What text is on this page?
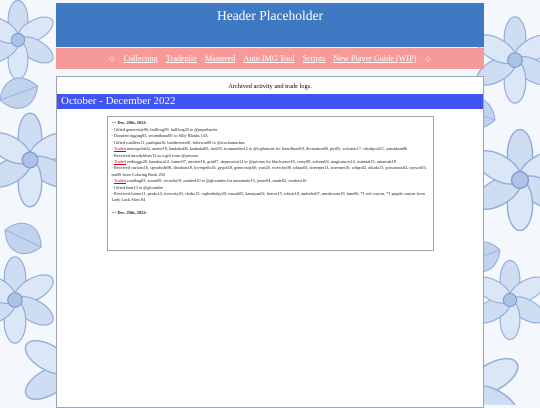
Header Placeholder
◇ Collecting Tradepile Mastered Auto IMG Tool Scripts New Player Guide (WIP) ◇
Archived activity and trade logs.
October - December 2022
>> Dec. 28th, 2022:
- Gifted generosity06, bullfrog09, bullfrog20 to @pepsibarfer
- Donated rigging05, secondhand01 to Silly Blanks 143;
- Gifted roadless11, paalupta16, baitdresser20, falsewar08 to @wachamachas
- Traded metropolis02, airette18, kauhaka06, kauhaka05, tiret03, ironmaiden12 to @tophatcats for lizardhead19, divination06, pitt03, volcanic17, whirlpool11, yamakam06
- Received moodyblues12 as a gift from @privma
- Traded redboggs20, hazakura12, future07, arrester16, grin07, depression12 to @privma for blackwave19, crazy08, echoes04, magicauces12, mineral15, minerals18
- Received curious16, spearhide08, climbats18, lovespells16, gryph18, generosity06, yurt20, rivercity08, whips03, streetnet13, streetnet16, whips02, aikido15, poisonous02, raysort03, mu06 from Coloring Book 292
- Traded roadbug03, zoom09, recaelia19, marked10 to @gloomlee for untermate13, jester04, made02, weakest16
- Gifted luna13 to @gloomlee
- Received future11, peaks14, rivercity20, clerks15, orphirthday20, russak05, kamiyan02, horror15, robots18, ambides07, mushroom19, lune06, *1 red crayon, *1 purple crayon from Lady Luck Slots 84
>> Dec. 28th, 2022:
